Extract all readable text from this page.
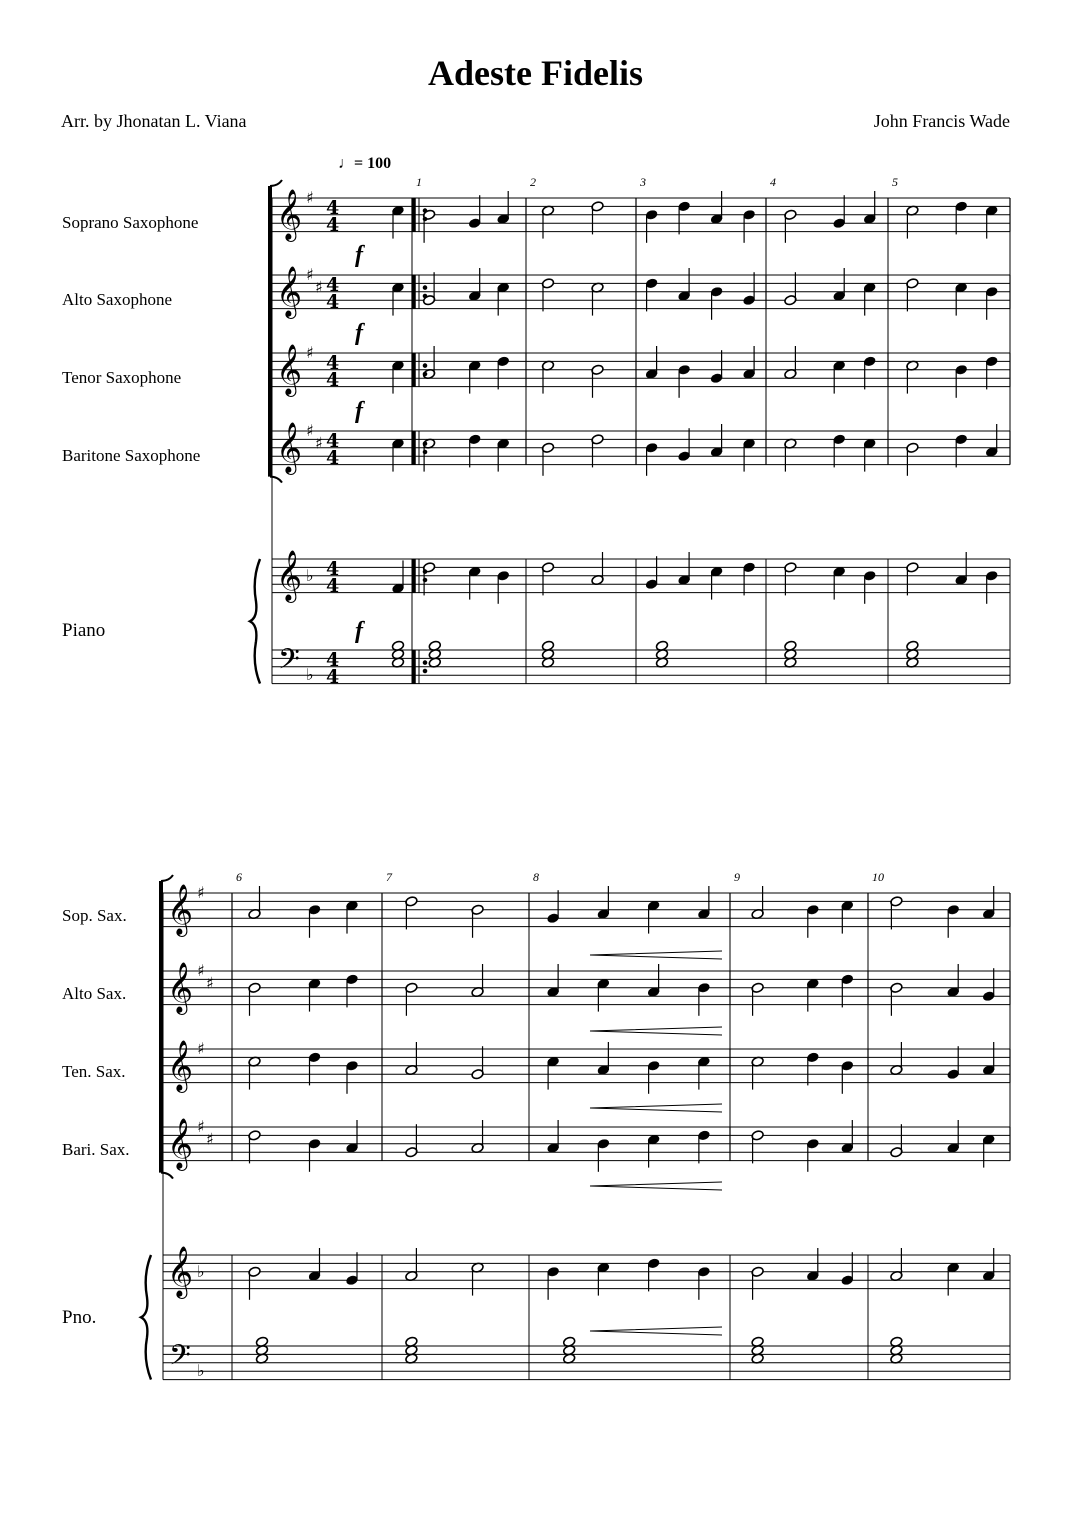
Adeste Fidelis
Arr. by Jhonatan L. Viana	John Francis Wade
♩= 100
Soprano Saxophone
Alto Saxophone
Tenor Saxophone
Baritone Saxophone
Piano
Sop. Sax.
Alto Sax.
Ten. Sax.
Bari. Sax.
Pno.
𝄞 ♯ 4
4
𝄞 ♯
♯ 4
4
𝄞 ♯ 4
4
𝄞 ♯
♯ 4
4
𝄞 ♭
𝄢 ♭
4
4
4
4
1	2	3	4	5
f
f
f
f
𝄞 ♯
𝄞 ♯
♯
𝄞 ♯
𝄞 ♯
♯
𝄞 ♭
𝄢 ♭
6	7	8	9	10
